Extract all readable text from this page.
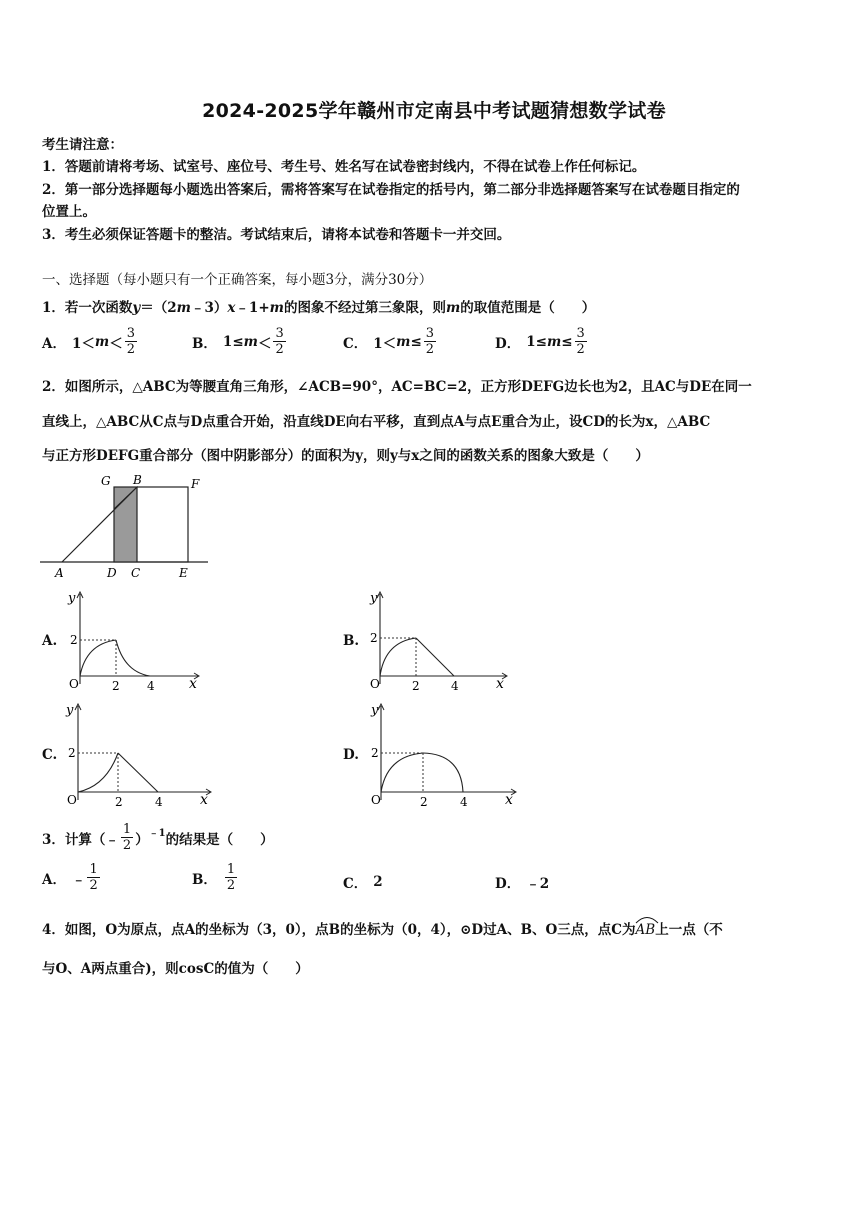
2024-2025学年赣州市定南县中考试题猜想数学试卷
考生请注意：
1．答题前请将考场、试室号、座位号、考生号、姓名写在试卷密封线内，不得在试卷上作任何标记。
2．第一部分选择题每小题选出答案后，需将答案写在试卷指定的括号内，第二部分非选择题答案写在试卷题目指定的
位置上。
3．考生必须保证答题卡的整洁。考试结束后，请将本试卷和答题卡一并交回。
一、选择题（每小题只有一个正确答案，每小题3分，满分30分）
1．若一次函数y＝（2m﹣3）x﹣1+m的图象不经过第三象限，则m的取值范围是（　　）
A． $1< m < \frac{3}{2}$	B． $1\le m < \frac{3}{2}$	C． $1< m \le \frac{3}{2}$	D． $1\le m \le \frac{3}{2}$
2．如图所示，△ABC为等腰直角三角形，∠ACB=90°，AC=BC=2，正方形DEFG边长也为2，且AC与DE在同一
直线上，△ABC从C点与D点重合开始，沿直线DE向右平移，直到点A与点E重合为止，设CD的长为x，△ABC
与正方形DEFG重合部分（图中阴影部分）的面积为y，则y与x之间的函数关系的图象大致是（　　）
G B	F
A	D C	E
A.	B.
C.	D.
y
x
O
2
2 4
y
x
O
2
2	4
y
x
O
2
2	4
y
x
O
2
2	4
3．计算（﹣ $\frac{1}{2} )^{﹣1}$ 的结果是（　　）
A． ﹣ $\frac{1}{2}$	B． $\frac{1}{2}$	C． 2	D． ﹣2
4．如图，O为原点，点A的坐标为（3，0），点B的坐标为（0，4），⊙D过A、B、O三点，点C为
AB上一点（不
与O、A两点重合)，则cosC的值为（　　）
